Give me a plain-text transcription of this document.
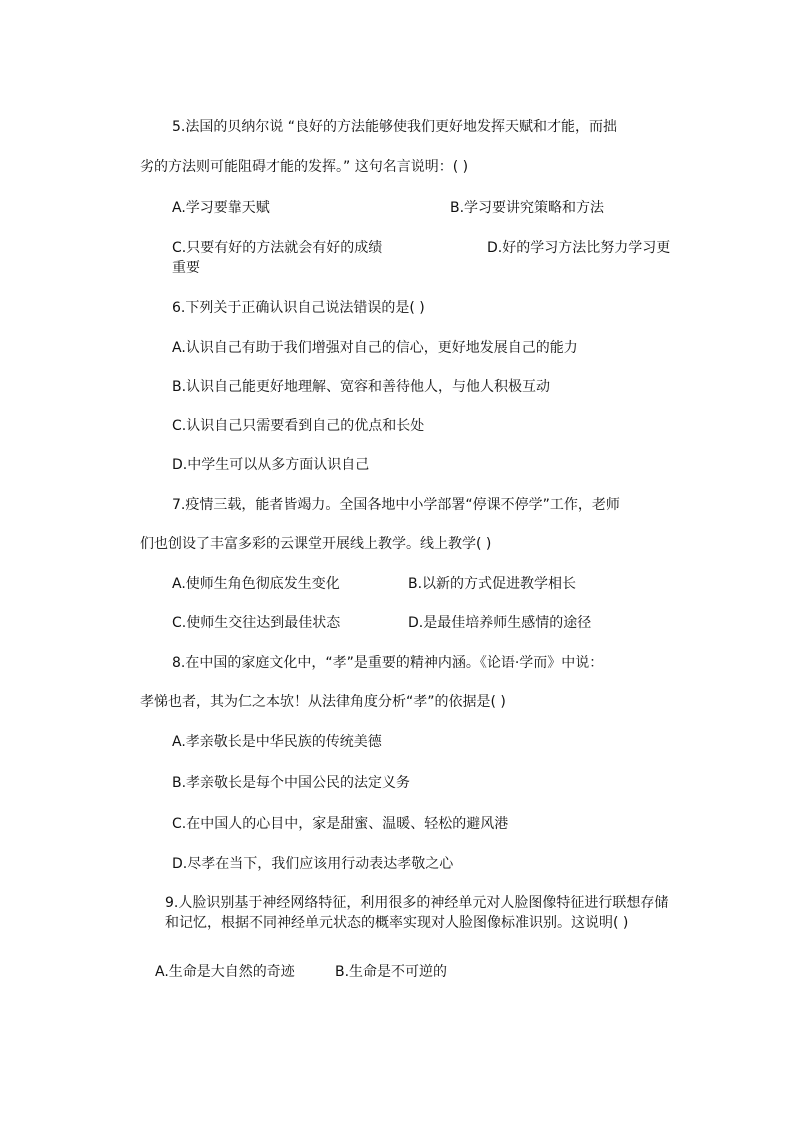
5.法国的贝纳尔说 “良好的方法能够使我们更好地发挥天赋和才能，而拙
劣的方法则可能阻碍才能的发挥。” 这句名言说明：( )
A.学习要靠天赋	B.学习要讲究策略和方法
C.只要有好的方法就会有好的成绩	D.好的学习方法比努力学习更
重要
6.下列关于正确认识自己说法错误的是( )
A.认识自己有助于我们增强对自己的信心，更好地发展自己的能力
B.认识自己能更好地理解、宽容和善待他人，与他人积极互动
C.认识自己只需要看到自己的优点和长处
D.中学生可以从多方面认识自己
7.疫情三载，能者皆竭力。全国各地中小学部署“停课不停学”工作，老师
们也创设了丰富多彩的云课堂开展线上教学。线上教学( )
A.使师生角色彻底发生变化	B.以新的方式促进教学相长
C.使师生交往达到最佳状态	D.是最佳培养师生感情的途径
8.在中国的家庭文化中，“孝”是重要的精神内涵。《论语·学而》中说：
孝悌也者，其为仁之本欤！从法律角度分析“孝”的依据是( )
A.孝亲敬长是中华民族的传统美德
B.孝亲敬长是每个中国公民的法定义务
C.在中国人的心目中，家是甜蜜、温暖、轻松的避风港
D.尽孝在当下，我们应该用行动表达孝敬之心
9.人脸识别基于神经网络特征，利用很多的神经单元对人脸图像特征进行联想存储
和记忆，根据不同神经单元状态的概率实现对人脸图像标准识别。这说明( )
A.生命是大自然的奇迹	B.生命是不可逆的
